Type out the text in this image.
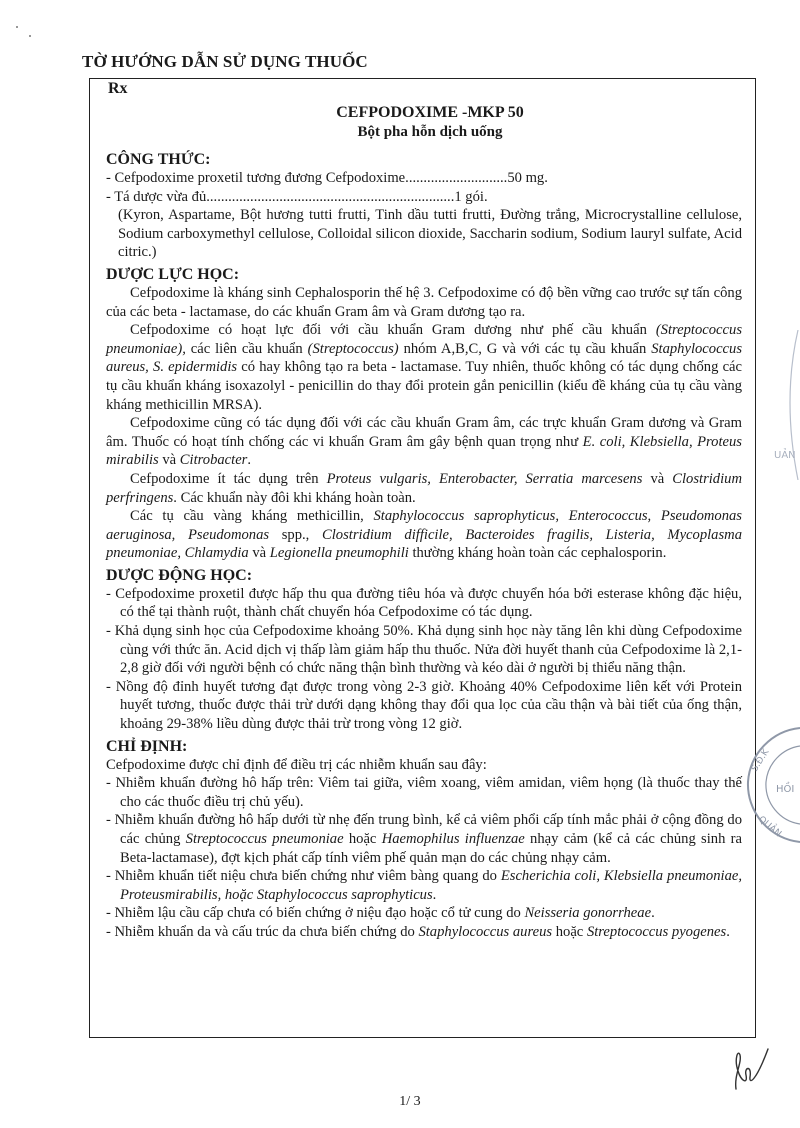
TỜ HƯỚNG DẪN SỬ DỤNG THUỐC
Rx
CEFPODOXIME -MKP 50
Bột pha hỗn dịch uống
CÔNG THỨC:

- Cefpodoxime proxetil tương đương Cefpodoxime............................50 mg.

- Tá dược vừa đủ....................................................................1 gói.

(Kyron, Aspartame, Bột hương tutti frutti, Tinh dầu tutti frutti, Đường trắng, Microcrystalline cellulose, Sodium carboxymethyl cellulose, Colloidal silicon dioxide, Saccharin sodium, Sodium lauryl sulfate, Acid citric.)

DƯỢC LỰC HỌC:

Cefpodoxime là kháng sinh Cephalosporin thế hệ 3. Cefpodoxime có độ bền vững cao trước sự tấn công của các beta - lactamase, do các khuẩn Gram âm và Gram dương tạo ra.

Cefpodoxime có hoạt lực đối với cầu khuẩn Gram dương như phế cầu khuẩn (Streptococcus pneumoniae), các liên cầu khuẩn (Streptococcus) nhóm A,B,C, G và với các tụ cầu khuẩn Staphylococcus aureus, S. epidermidis có hay không tạo ra beta - lactamase. Tuy nhiên, thuốc không có tác dụng chống các tụ cầu khuẩn kháng isoxazolyl - penicillin do thay đổi protein gắn penicillin (kiểu đề kháng của tụ cầu vàng kháng methicillin MRSA).

Cefpodoxime cũng có tác dụng đối với các cầu khuẩn Gram âm, các trực khuẩn Gram dương và Gram âm. Thuốc có hoạt tính chống các vi khuẩn Gram âm gây bệnh quan trọng như E. coli, Klebsiella, Proteus mirabilis và Citrobacter.

Cefpodoxime ít tác dụng trên Proteus vulgaris, Enterobacter, Serratia marcesens và Clostridium perfringens. Các khuẩn này đôi khi kháng hoàn toàn.

Các tụ cầu vàng kháng methicillin, Staphylococcus saprophyticus, Enterococcus, Pseudomonas aeruginosa, Pseudomonas spp., Clostridium difficile, Bacteroides fragilis, Listeria, Mycoplasma pneumoniae, Chlamydia và Legionella pneumophili thường kháng hoàn toàn các cephalosporin.

DƯỢC ĐỘNG HỌC:

- Cefpodoxime proxetil được hấp thu qua đường tiêu hóa và được chuyển hóa bởi esterase không đặc hiệu, có thể tại thành ruột, thành chất chuyển hóa Cefpodoxime có tác dụng.

- Khả dụng sinh học của Cefpodoxime khoảng 50%. Khả dụng sinh học này tăng lên khi dùng Cefpodoxime cùng với thức ăn. Acid dịch vị thấp làm giảm hấp thu thuốc. Nửa đời huyết thanh của Cefpodoxime là 2,1-2,8 giờ đối với người bệnh có chức năng thận bình thường và kéo dài ở người bị thiểu năng thận.

- Nồng độ đỉnh huyết tương đạt được trong vòng 2-3 giờ. Khoảng 40% Cefpodoxime liên kết với Protein huyết tương, thuốc được thải trừ dưới dạng không thay đổi qua lọc của cầu thận và bài tiết của ống thận, khoảng 29-38% liều dùng được thải trừ trong vòng 12 giờ.

CHỈ ĐỊNH:

Cefpodoxime được chỉ định để điều trị các nhiễm khuẩn sau đây:

- Nhiễm khuẩn đường hô hấp trên: Viêm tai giữa, viêm xoang, viêm amidan, viêm họng (là thuốc thay thế cho các thuốc điều trị chủ yếu).

- Nhiễm khuẩn đường hô hấp dưới từ nhẹ đến trung bình, kể cả viêm phổi cấp tính mắc phải ở cộng đồng do các chủng Streptococcus pneumoniae hoặc Haemophilus influenzae nhạy cảm (kể cả các chủng sinh ra Beta-lactamase), đợt kịch phát cấp tính viêm phế quản mạn do các chủng nhạy cảm.

- Nhiễm khuẩn tiết niệu chưa biến chứng như viêm bàng quang do Escherichia coli, Klebsiella pneumoniae, Proteusmirabilis, hoặc Staphylococcus saprophyticus.

- Nhiễm lậu cầu cấp chưa có biến chứng ở niệu đạo hoặc cổ tử cung do Neisseria gonorrheae.

- Nhiễm khuẩn da và cấu trúc da chưa biến chứng do Staphylococcus aureus hoặc Streptococcus pyogenes.

1/ 3
S.Đ.K
HỒI
QUẢN
UẢN
